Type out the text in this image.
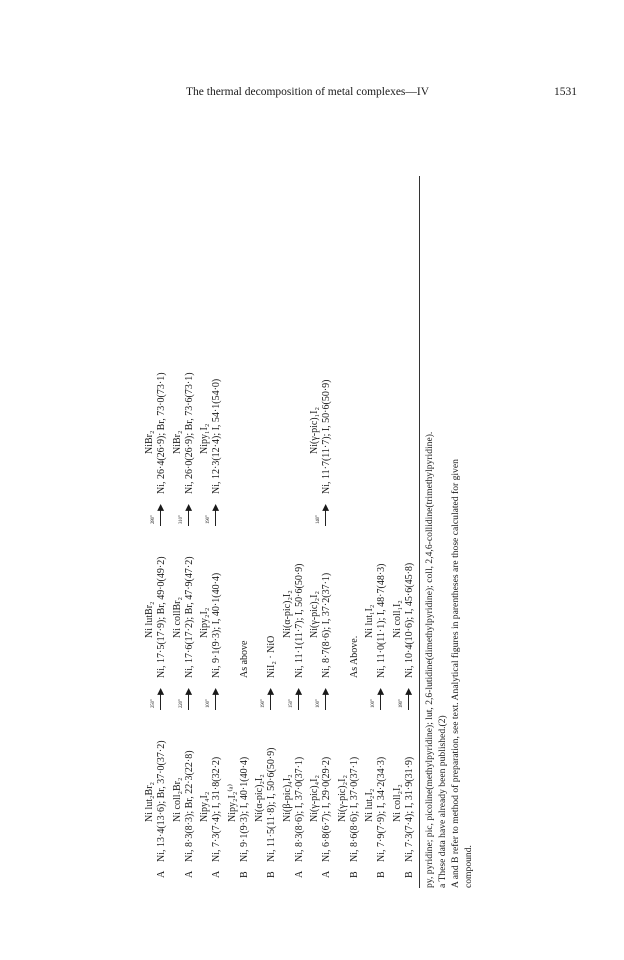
The thermal decomposition of metal complexes—IV	1531
A
Ni lut₂Br₂ Ni, 13·4(13·6); Br, 37·0(37·2)
▶
250°
Ni lutBr₂ Ni, 17·5(17·9); Br, 49·0(49·2)
▶
280°
NiBr₂ Ni, 26·4(26·9); Br, 73·0(73·1)
A
Ni coll₂Br₂ Ni, 8·3(8·3); Br, 22·3(22·8)
▶
220°
Ni collBr₂ Ni, 17·6(17·2); Br, 47·9(47·2)
▶
310°
NiBr₂ Ni, 26·0(26·9); Br, 73·6(73·1)
A
Nipy₄I₂ Ni, 7·3(7·4); I, 31·8(32·2)
▶
100°
Nipy₂I₂ Ni, 9·1(9·3); I, 40·1(40·4)
▶
190°
Nipy₁I₂ Ni, 12·3(12·4); I, 54·1(54·0)
B
Nipy₂I₂⁽ᵃ⁾ Ni, 9·1(9·3); I, 40·1(40·4)
As above
B
Ni(α-pic)₂I₂ Ni, 11·5(11·8); I, 50·6(50·9)
▶
190°
NiI₂ · NiO
A
Ni(β-pic)₄I₂ Ni, 8·3(8·6); I, 37·0(37·1)
▶
150°
Ni(α-pic)₂I₂ Ni, 11·1(11·7); I, 50·6(50·9)
A
Ni(γ-pic)₄I₂ Ni, 6·8(6·7); I, 29·0(29·2)
▶
100°
Ni(γ-pic)₂I₂ Ni, 8·7(8·6); I, 37·2(37·1)
▶
140°
Ni(γ-pic)₁I₂ Ni, 11·7(11·7); I, 50·6(50·9)
B
Ni(γ-pic)₂I₂ Ni, 8·6(8·6); I, 37·0(37·1)
As Above.
B
Ni lut₂I₂ Ni, 7·9(7·9); I, 34·2(34·3)
▶
100°
Ni lut₁I₂ Ni, 11·0(11·1); I, 48·7(48·3)
B
Ni coll₂I₂ Ni, 7·3(7·4); I, 31·9(31·9)
▶
180°
Ni coll₁I₂ Ni, 10·4(10·6); I, 45·6(45·8) py, pyridine; pic, picoline(methylpyridine); lut, 2,6-lutidine(dimethylpyridine); coll, 2,4,6-collidine(trimethylpyridine). a These data have already been published.(2) A and B refer to method of preparation, see text. Analytical figures in parentheses are those calculated for given compound.
